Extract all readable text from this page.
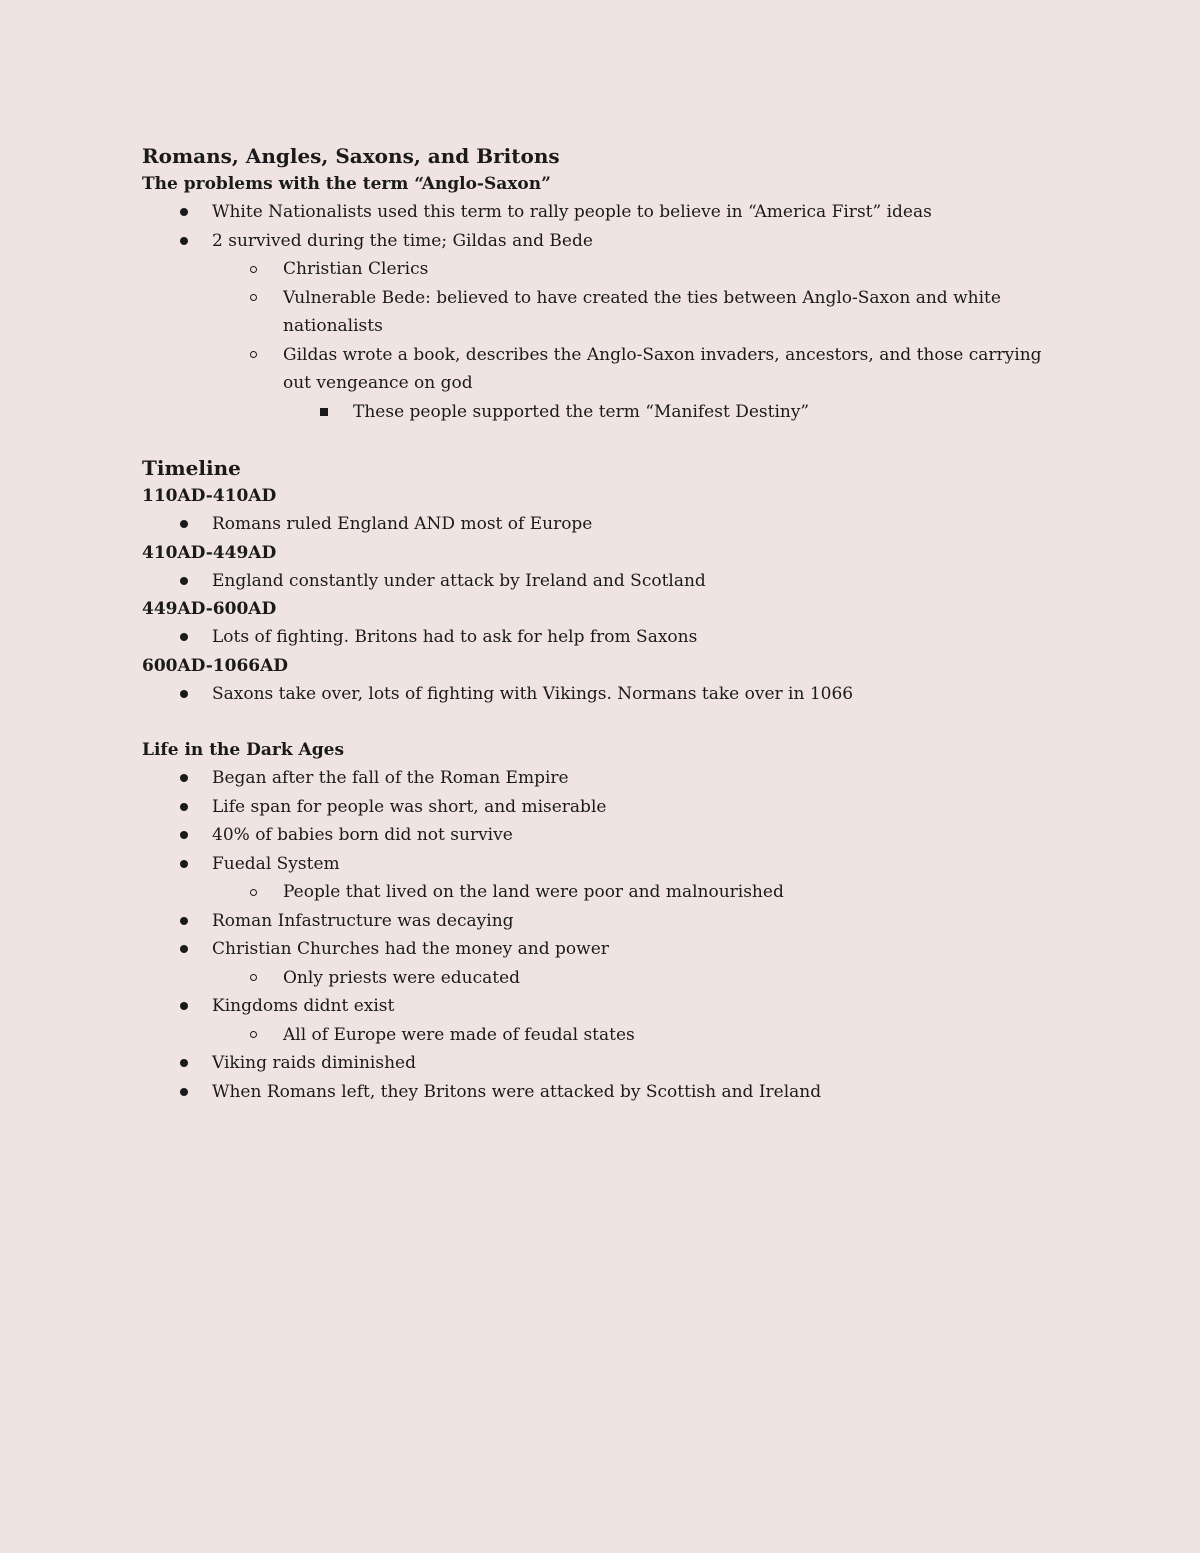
Romans, Angles, Saxons, and Britons
The problems with the term “Anglo-Saxon”
White Nationalists used this term to rally people to believe in “America First” ideas
2 survived during the time; Gildas and Bede
Christian Clerics
Vulnerable Bede: believed to have created the ties between Anglo-Saxon and white nationalists
Gildas wrote a book, describes the Anglo-Saxon invaders, ancestors, and those carrying out vengeance on god
These people supported the term “Manifest Destiny”
Timeline
110AD-410AD
Romans ruled England AND most of Europe
410AD-449AD
England constantly under attack by Ireland and Scotland
449AD-600AD
Lots of fighting. Britons had to ask for help from Saxons
600AD-1066AD
Saxons take over, lots of fighting with Vikings. Normans take over in 1066
Life in the Dark Ages
Began after the fall of the Roman Empire
Life span for people was short, and miserable
40% of babies born did not survive
Fuedal System
People that lived on the land were poor and malnourished
Roman Infastructure was decaying
Christian Churches had the money and power
Only priests were educated
Kingdoms didnt exist
All of Europe were made of feudal states
Viking raids diminished
When Romans left, they Britons were attacked by Scottish and Ireland
